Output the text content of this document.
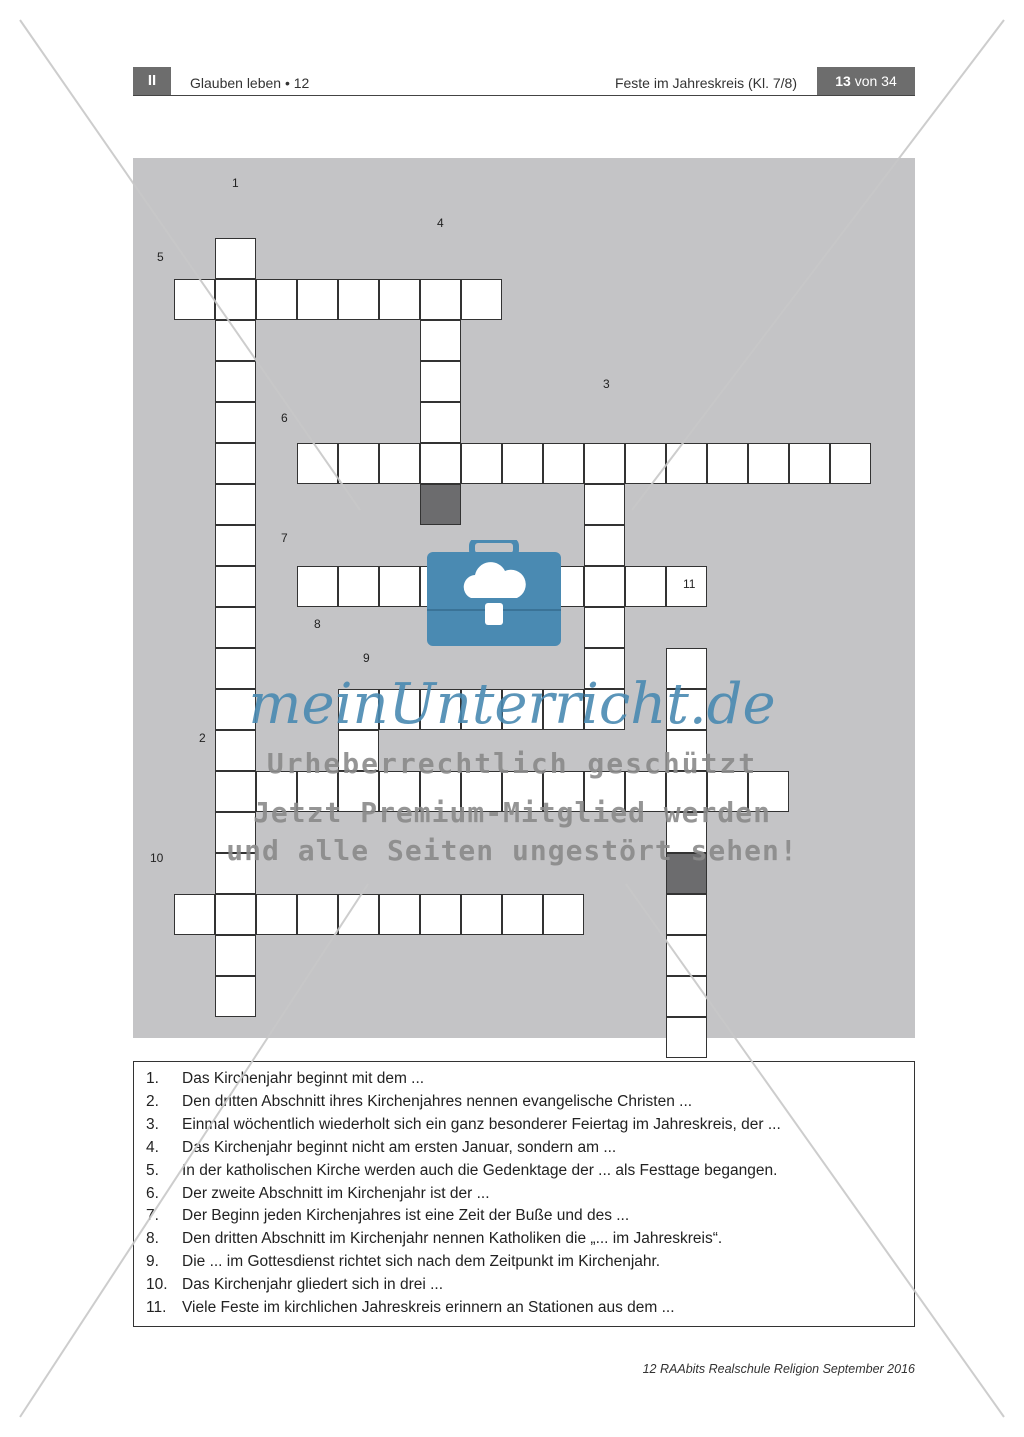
II	Glauben leben • 12	Feste im Jahreskreis (Kl. 7/8)	13 von 34
1
2
3
4
5
6
7
8
9
10
11
1.	Das Kirchenjahr beginnt mit dem ...
2.	Den dritten Abschnitt ihres Kirchenjahres nennen evangelische Christen ...
3.	Einmal wöchentlich wiederholt sich ein ganz besonderer Feiertag im Jahreskreis, der ...
4.	Das Kirchenjahr beginnt nicht am ersten Januar, sondern am ...
5.	In der katholischen Kirche werden auch die Gedenktage der ... als Festtage begangen.
6.	Der zweite Abschnitt im Kirchenjahr ist der ...
7.	Der Beginn jeden Kirchenjahres ist eine Zeit der Buße und des ...
8.	Den dritten Abschnitt im Kirchenjahr nennen Katholiken die „... im Jahreskreis“.
9.	Die ... im Gottesdienst richtet sich nach dem Zeitpunkt im Kirchenjahr.
10. Das Kirchenjahr gliedert sich in drei ...
11.	Viele Feste im kirchlichen Jahreskreis erinnern an Stationen aus dem ...
12 RAAbits Realschule Religion September 2016
meinUnterricht.de
Urheberrechtlich geschützt
Jetzt Premium-Mitglied werden
und alle Seiten ungestört sehen!
